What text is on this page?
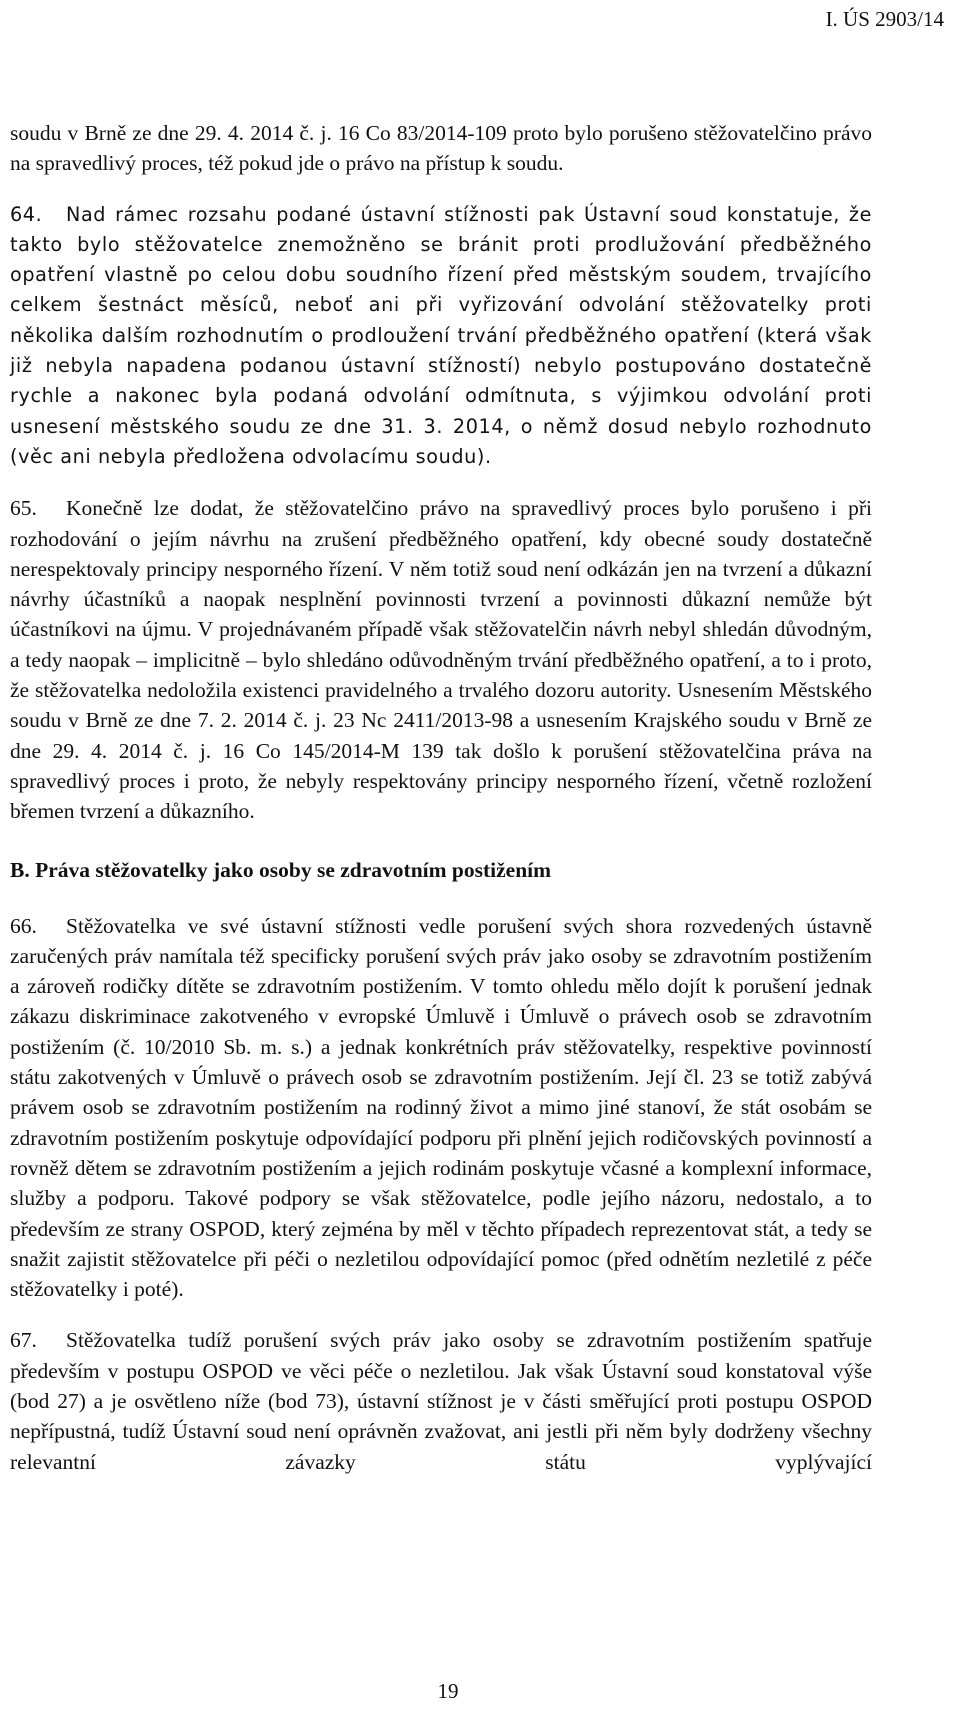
I. ÚS 2903/14

soudu v Brně ze dne 29. 4. 2014 č. j. 16 Co 83/2014-109 proto bylo porušeno stěžovatelčino právo na spravedlivý proces, též pokud jde o právo na přístup k soudu.

64. Nad rámec rozsahu podané ústavní stížnosti pak Ústavní soud konstatuje, že takto bylo stěžovatelce znemožněno se bránit proti prodlužování předběžného opatření vlastně po celou dobu soudního řízení před městským soudem, trvajícího celkem šestnáct měsíců, neboť ani při vyřizování odvolání stěžovatelky proti několika dalším rozhodnutím o prodloužení trvání předběžného opatření (která však již nebyla napadena podanou ústavní stížností) nebylo postupováno dostatečně rychle a nakonec byla podaná odvolání odmítnuta, s výjimkou odvolání proti usnesení městského soudu ze dne 31. 3. 2014, o němž dosud nebylo rozhodnuto (věc ani nebyla předložena odvolacímu soudu).

65. Konečně lze dodat, že stěžovatelčino právo na spravedlivý proces bylo porušeno i při rozhodování o jejím návrhu na zrušení předběžného opatření, kdy obecné soudy dostatečně nerespektovaly principy nesporného řízení. V něm totiž soud není odkázán jen na tvrzení a důkazní návrhy účastníků a naopak nesplnění povinnosti tvrzení a povinnosti důkazní nemůže být účastníkovi na újmu. V projednávaném případě však stěžovatelčin návrh nebyl shledán důvodným, a tedy naopak – implicitně – bylo shledáno odůvodněným trvání předběžného opatření, a to i proto, že stěžovatelka nedoložila existenci pravidelného a trvalého dozoru autority. Usnesením Městského soudu v Brně ze dne 7. 2. 2014 č. j. 23 Nc 2411/2013-98 a usnesením Krajského soudu v Brně ze dne 29. 4. 2014 č. j. 16 Co 145/2014-M 139 tak došlo k porušení stěžovatelčina práva na spravedlivý proces i proto, že nebyly respektovány principy nesporného řízení, včetně rozložení břemen tvrzení a důkazního.

B. Práva stěžovatelky jako osoby se zdravotním postižením

66. Stěžovatelka ve své ústavní stížnosti vedle porušení svých shora rozvedených ústavně zaručených práv namítala též specificky porušení svých práv jako osoby se zdravotním postižením a zároveň rodičky dítěte se zdravotním postižením. V tomto ohledu mělo dojít k porušení jednak zákazu diskriminace zakotveného v evropské Úmluvě i Úmluvě o právech osob se zdravotním postižením (č. 10/2010 Sb. m. s.) a jednak konkrétních práv stěžovatelky, respektive povinností státu zakotvených v Úmluvě o právech osob se zdravotním postižením. Její čl. 23 se totiž zabývá právem osob se zdravotním postižením na rodinný život a mimo jiné stanoví, že stát osobám se zdravotním postižením poskytuje odpovídající podporu při plnění jejich rodičovských povinností a rovněž dětem se zdravotním postižením a jejich rodinám poskytuje včasné a komplexní informace, služby a podporu. Takové podpory se však stěžovatelce, podle jejího názoru, nedostalo, a to především ze strany OSPOD, který zejména by měl v těchto případech reprezentovat stát, a tedy se snažit zajistit stěžovatelce při péči o nezletilou odpovídající pomoc (před odnětím nezletilé z péče stěžovatelky i poté).

67. Stěžovatelka tudíž porušení svých práv jako osoby se zdravotním postižením spatřuje především v postupu OSPOD ve věci péče o nezletilou. Jak však Ústavní soud konstatoval výše (bod 27) a je osvětleno níže (bod 73), ústavní stížnost je v části směřující proti postupu OSPOD nepřípustná, tudíž Ústavní soud není oprávněn zvažovat, ani jestli při něm byly dodrženy všechny relevantní závazky státu vyplývající

19
